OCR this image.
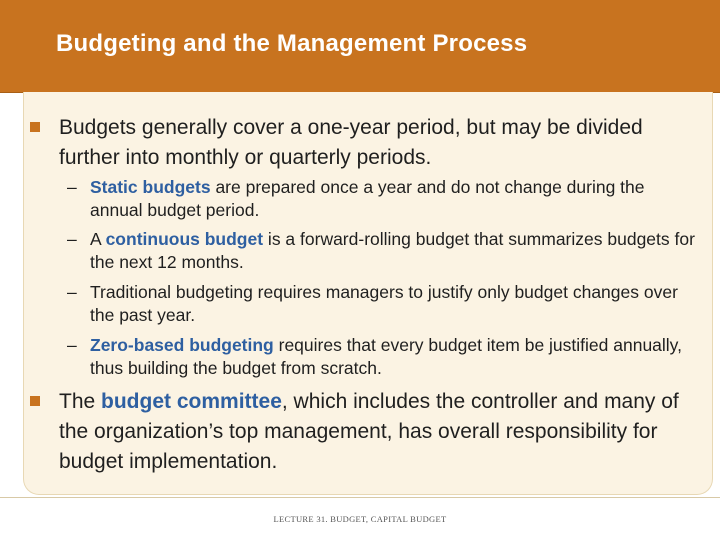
Budgeting and the Management Process
Budgets generally cover a one-year period, but may be divided further into monthly or quarterly periods.
– Static budgets are prepared once a year and do not change during the annual budget period.
– A continuous budget is a forward-rolling budget that summarizes budgets for the next 12 months.
– Traditional budgeting requires managers to justify only budget changes over the past year.
– Zero-based budgeting requires that every budget item be justified annually, thus building the budget from scratch.
The budget committee, which includes the controller and many of the organization’s top management, has overall responsibility for budget implementation.
LECTURE 31. BUDGET, CAPITAL BUDGET
